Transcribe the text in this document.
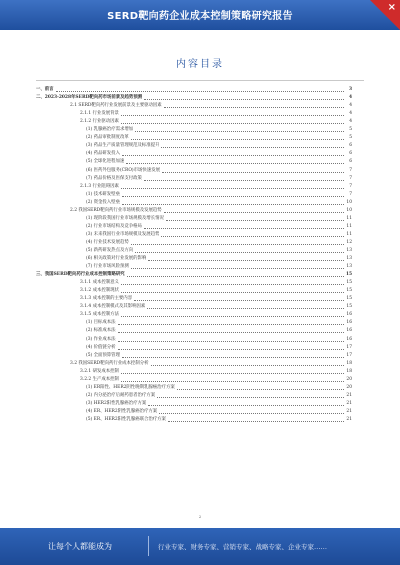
SERD靶向药企业成本控制策略研究报告
×
内容目录
一、前言	3
二、2023-2028年SERD靶向药市场前景及趋势预测	4
2.1 SERD靶向药行业发展前景及主要驱动因素	4
2.1.1 行业发展背景	4
2.1.2 行业驱动因素	4
(1) 乳腺癌治疗需求增加	5
(2) 药品审批制度改革	5
(3) 药品生产质量管理规范及标准提升	6
(4) 药品研发投入	6
(5) 全球化进程加速	6
(6) 医药外包服务(CRO)市场快速发展	7
(7) 药品价格及医保支付政策	7
2.1.3 行业阻碍因素	7
(1) 技术研发壁垒	7
(2) 资金投入壁垒	10
2.2 我国SERD靶向药行业市场规模及发展趋势	10
(1) 现阶段我国行业市场规模及增长情况	11
(2) 行业市场结构及竞争格局	11
(3) 未来我国行业市场规模及发展趋势	11
(4) 行业技术发展趋势	12
(5) 新药研发热点及方向	13
(6) 相关政策对行业发展的影响	13
(7) 行业市场风险预测	13
三、我国SERD靶向药行业成本控制策略研究	15
3.1.1 成本控制意义	15
3.1.2 成本控制现状	15
3.1.3 成本控制的主要内容	15
3.1.4 成本控制模式及其影响因素	15
3.1.5 成本控制方法	16
(1) 目标成本法	16
(2) 标准成本法	16
(3) 作业成本法	16
(4) 价值链分析	17
(5) 全面预算管理	17
3.2 我国SERD靶向药行业成本控制分析	18
3.2.1 研发成本控制	18
3.2.2 生产成本控制	20
(1) ER阳性、HER2阴性晚期乳腺癌治疗方案	20
(2) 内分泌治疗后耐药患者治疗方案	21
(3) HER2阳性乳腺癌治疗方案	21
(4) ER、HER2阴性乳腺癌治疗方案	21
(5) ER、HER2阳性乳腺癌联合治疗方案	21
2
让每个人都能成为	行业专家、财务专家、营销专家、战略专家、企业专家……
